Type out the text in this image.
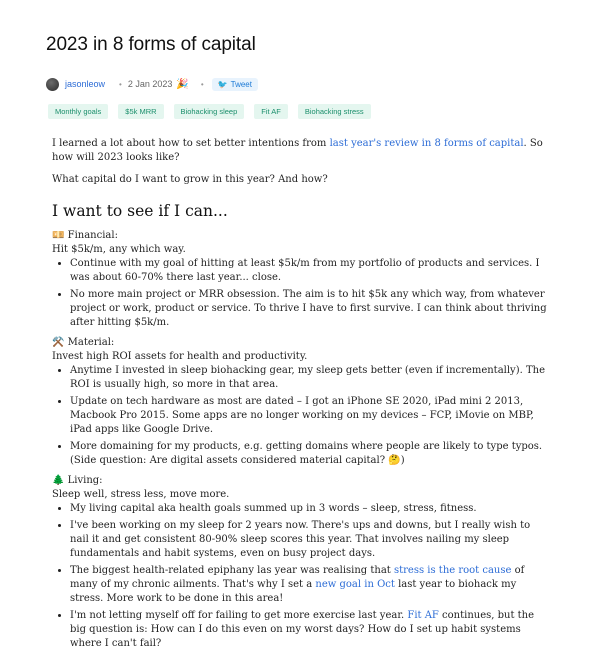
2023 in 8 forms of capital
jasonleow • 2 Jan 2023 🎉 • 🐦 Tweet
Monthly goals	$5k MRR	Biohacking sleep	Fit AF	Biohacking stress

I learned a lot about how to set better intentions from last year's review in 8 forms of capital. So how will 2023 looks like?

What capital do I want to grow in this year? And how?

I want to see if I can...

💴 Financial:

Hit $5k/m, any which way.

• Continue with my goal of hitting at least $5k/m from my portfolio of products and services. I was about 60-70% there last year... close.
• No more main project or MRR obsession. The aim is to hit $5k any which way, from whatever project or work, product or service. To thrive I have to first survive. I can think about thriving after hitting $5k/m.

⚒️ Material:

Invest high ROI assets for health and productivity.

• Anytime I invested in sleep biohacking gear, my sleep gets better (even if incrementally). The ROI is usually high, so more in that area.
• Update on tech hardware as most are dated – I got an iPhone SE 2020, iPad mini 2 2013, Macbook Pro 2015. Some apps are no longer working on my devices – FCP, iMovie on MBP, iPad apps like Google Drive.
• More domaining for my products, e.g. getting domains where people are likely to type typos. (Side question: Are digital assets considered material capital? 🤔)

🌲 Living:

Sleep well, stress less, move more.

• My living capital aka health goals summed up in 3 words – sleep, stress, fitness.
• I've been working on my sleep for 2 years now. There's ups and downs, but I really wish to nail it and get consistent 80-90% sleep scores this year. That involves nailing my sleep fundamentals and habit systems, even on busy project days.
• The biggest health-related epiphany las year was realising that stress is the root cause of many of my chronic ailments. That's why I set a new goal in Oct last year to biohack my stress. More work to be done in this area!
• I'm not letting myself off for failing to get more exercise last year. Fit AF continues, but the big question is: How can I do this even on my worst days? How do I set up habit systems where I can't fail?
